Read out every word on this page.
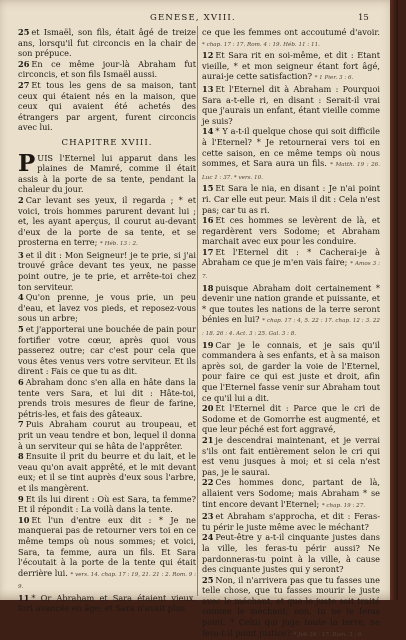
GENESE, XVIII.	15

25 et Ismaël, son fils, était âgé de treize ans, lorsqu'il fut circoncis en la chair de son prépuce.

26 En ce même jour-là Abraham fut circoncis, et son fils Ismaël aussi.

27 Et tous les gens de sa maison, tant ceux qui étaient nés en la maison, que ceux qui avaient été achetés des étrangers par argent, furent circoncis avec lui.

CHAPITRE XVIII.

PUIS l'Eternel lui apparut dans les plaines de Mamré, comme il était assis à la porte de sa tente, pendant la chaleur du jour.

2 Car levant ses yeux, il regarda ; * et voici, trois hommes parurent devant lui ; et, les ayant aperçus, il courut au-devant d'eux de la porte de sa tente, et se prosterna en terre; * Héb. 13 : 2.

3 et il dit : Mon Seigneur! je te prie, si j'ai trouvé grâce devant tes yeux, ne passe point outre, je te prie, et arrête-toi chez ton serviteur.

4 Qu'on prenne, je vous prie, un peu d'eau, et lavez vos pieds, et reposez-vous sous un arbre;

5 et j'apporterai une bouchée de pain pour fortifier votre cœur, après quoi vous passerez outre; car c'est pour cela que vous êtes venus vers votre serviteur. Et ils dirent : Fais ce que tu as dit.

6 Abraham donc s'en alla en hâte dans la tente vers Sara, et lui dit : Hâte-toi, prends trois mesures de fleur de farine, pétris-les, et fais des gâteaux.

7 Puis Abraham courut au troupeau, et prit un veau tendre et bon, lequel il donna à un serviteur qui se hâta de l'apprêter.

8 Ensuite il prit du beurre et du lait, et le veau qu'on avait apprêté, et le mit devant eux; et il se tint auprès d'eux sous l'arbre, et ils mangèrent.

9 Et ils lui dirent : Où est Sara, ta femme? Et il répondit : La voilà dans la tente.

10 Et l'un d'entre eux dit : * Je ne manquerai pas de retourner vers toi en ce même temps où nous sommes; et voici, Sara, ta femme, aura un fils. Et Sara l'écoutait à la porte de la tente qui était derrière lui. * vers. 14. chap. 17 : 19, 21. 21 : 2. Rom. 9 : 9.

11 * Or Abraham et Sara étaient vieux, fort avancés en âge; et Sara n'avait plus

ce que les femmes ont accoutumé d'avoir. * chap. 17 : 17. Rom. 4 : 19. Héb. 11 : 11.

12 Et Sara rit en soi-même, et dit : Etant vieille, * et mon seigneur étant fort âgé, aurai-je cette satisfaction? * 1 Pier. 3 : 6.

13 Et l'Eternel dit à Abraham : Pourquoi Sara a-t-elle ri, en disant : Serait-il vrai que j'aurais un enfant, étant vieille comme je suis?

14 * Y a-t-il quelque chose qui soit difficile à l'Eternel? * Je retournerai vers toi en cette saison, en ce même temps où nous sommes, et Sara aura un fils. * Matth. 19 : 26. Luc 1 : 37. * vers. 10.

15 Et Sara le nia, en disant : Je n'ai point ri. Car elle eut peur. Mais il dit : Cela n'est pas; car tu as ri.

16 Et ces hommes se levèrent de là, et regardèrent vers Sodome; et Abraham marchait avec eux pour les conduire.

17 Et l'Eternel dit : * Cacherai-je à Abraham ce que je m'en vais faire; * Amos 3 : 7.

18 puisque Abraham doit certainement * devenir une nation grande et puissante, et * que toutes les nations de la terre seront bénies en lui? * chap. 17 : 4, 5. 22 : 17. chap. 12 : 3. 22 : 18. 26 : 4. Act. 3 : 25. Gal. 3 : 8.

19 Car je le connais, et je sais qu'il commandera à ses enfants, et à sa maison après soi, de garder la voie de l'Eternel, pour faire ce qui est juste et droit, afin que l'Eternel fasse venir sur Abraham tout ce qu'il lui a dit.

20 Et l'Eternel dit : Parce que le cri de Sodome et de Gomorrhe est augmenté, et que leur péché est fort aggravé,

21 je descendrai maintenant, et je verrai s'ils ont fait entièrement selon le cri qui est venu jusques à moi; et si cela n'est pas, je le saurai.

22 Ces hommes donc, partant de là, allaient vers Sodome; mais Abraham * se tint encore devant l'Eternel; * chap. 19 : 27.

23 et Abraham s'approcha, et dit : Feras-tu périr le juste même avec le méchant?

24 Peut-être y a-t-il cinquante justes dans la ville, les feras-tu périr aussi? Ne pardonneras-tu point à la ville, à cause des cinquante justes qui y seront?

25 Non, il n'arrivera pas que tu fasses une telle chose, que tu fasses mourir le juste avec le méchant, et que le juste soit traité comme le méchant; non, tu ne le feras point. * Celui qui juge toute la terre, ne fera-t-il point justice? * Job 34 : 17. Rom. 3 : 6.
